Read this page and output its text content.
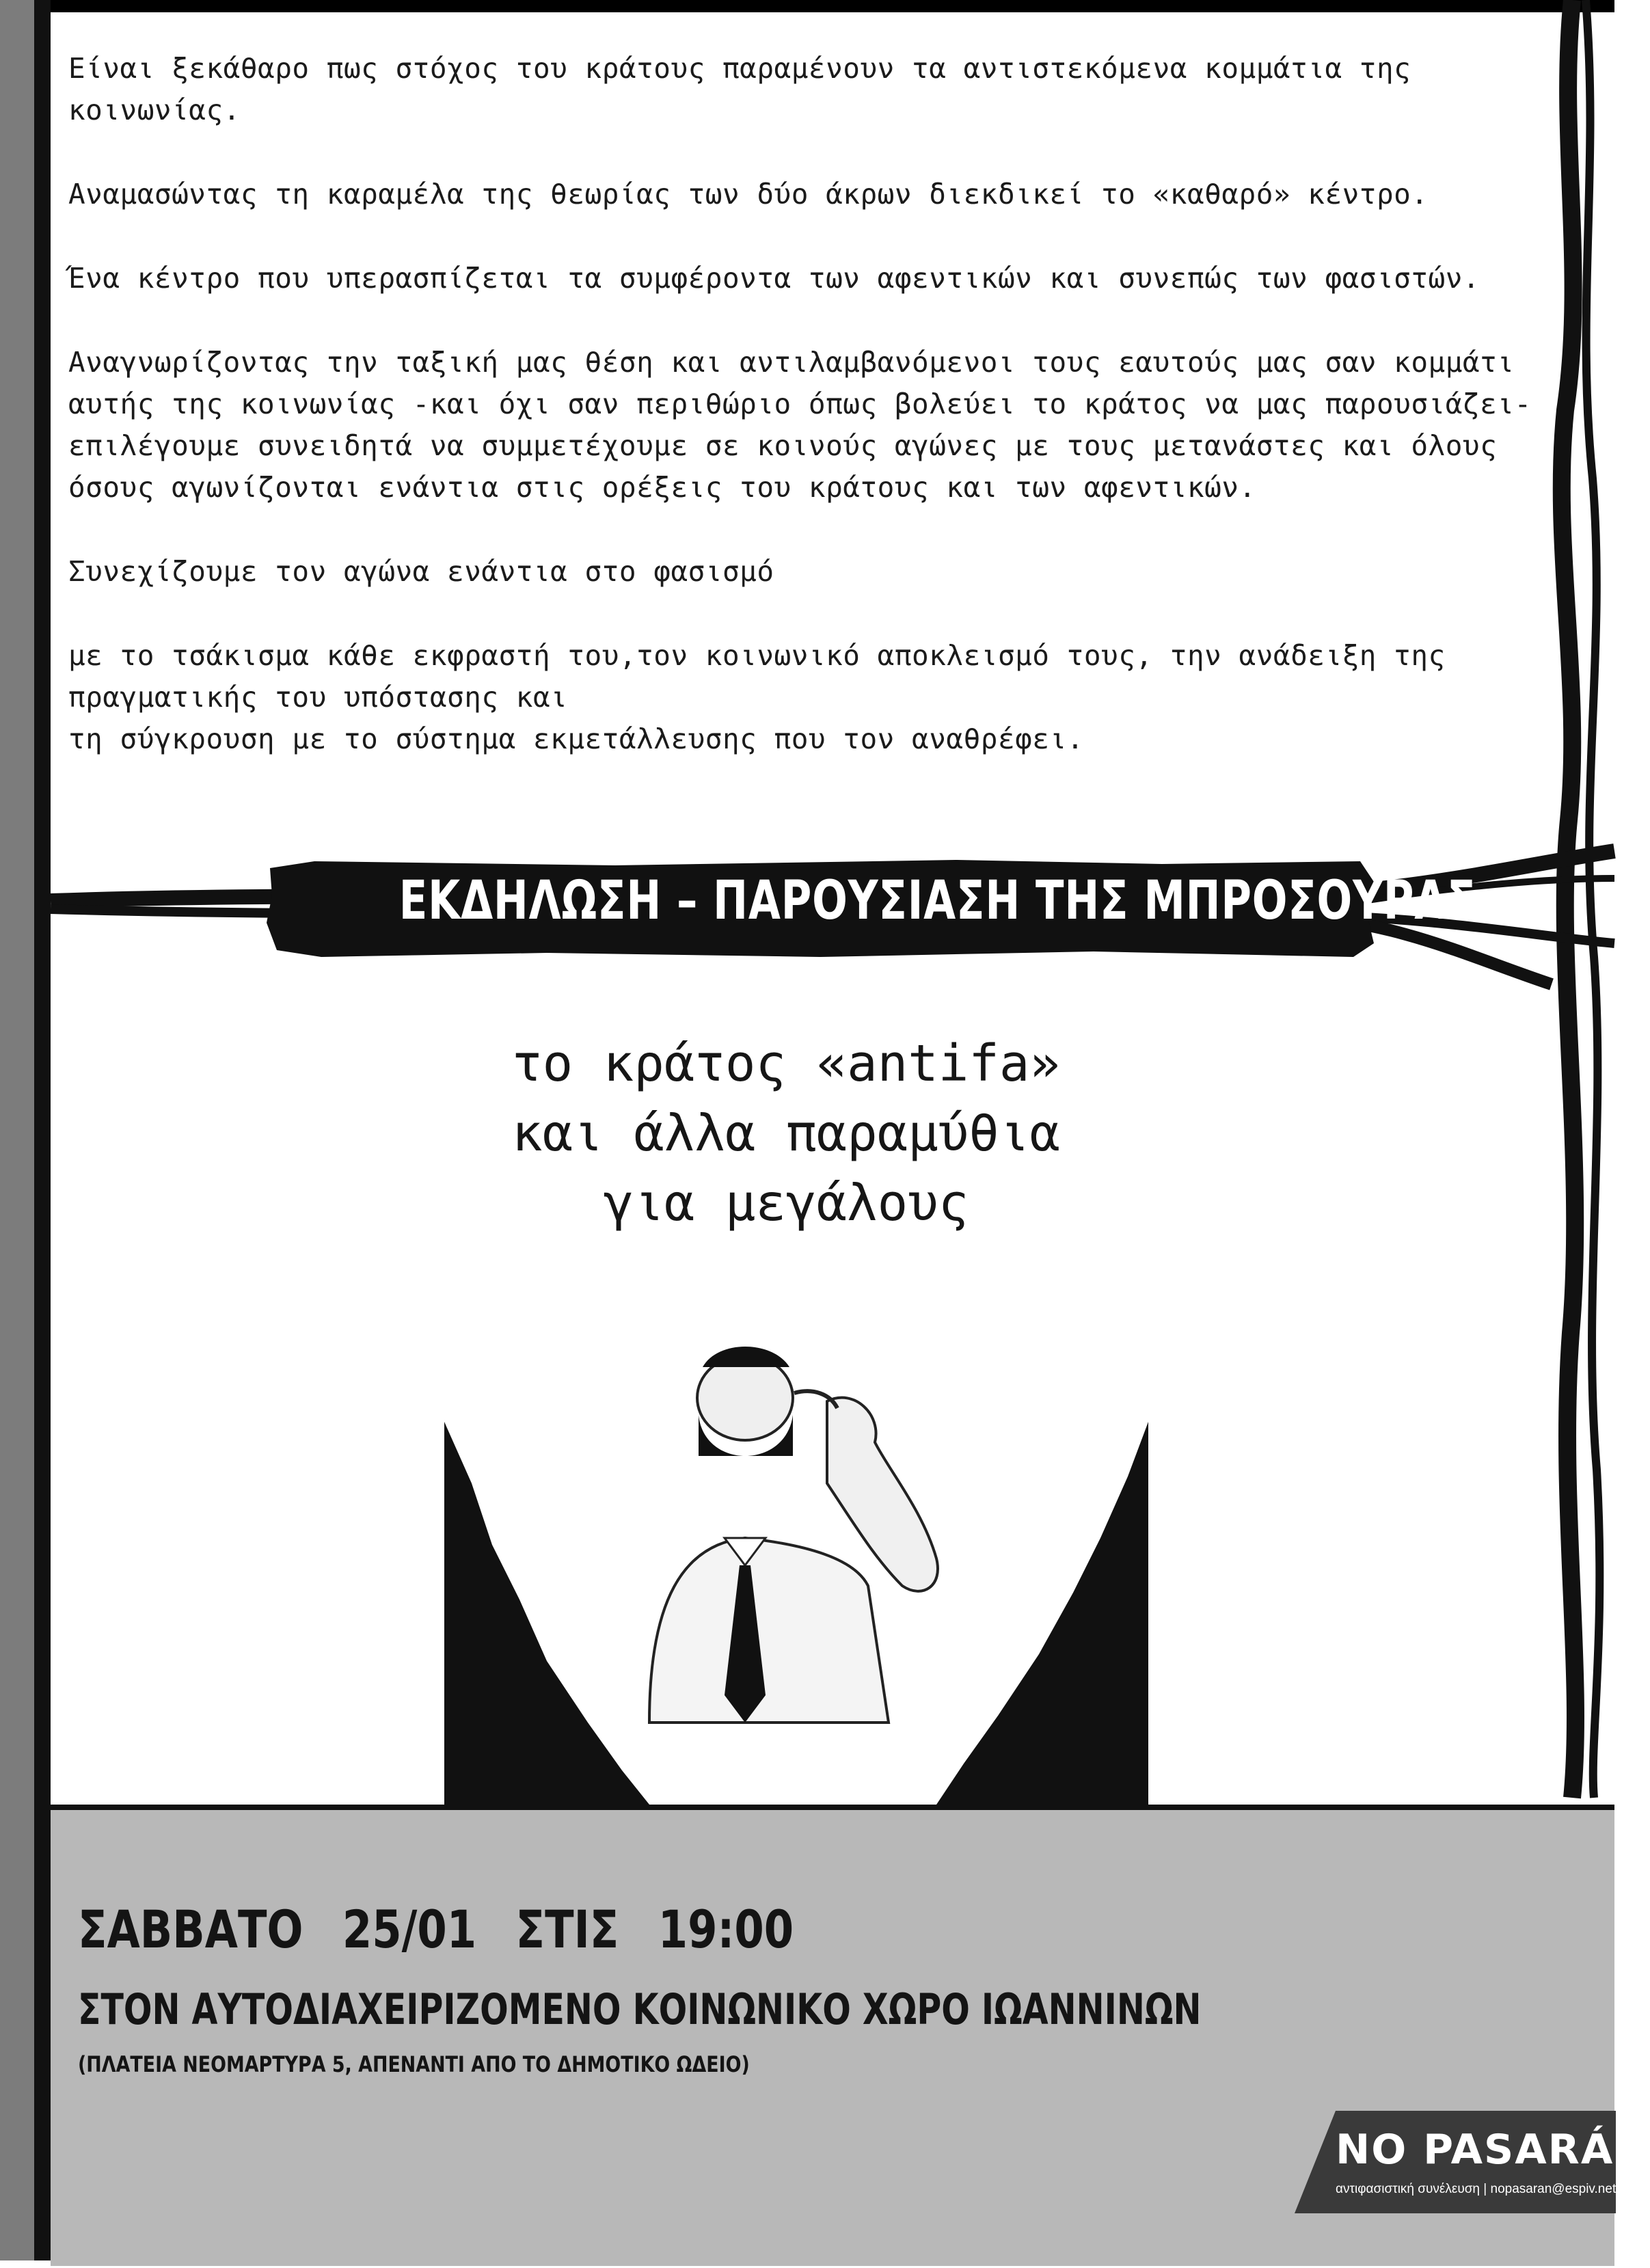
Είναι ξεκάθαρο πως στόχος του κράτους παραμένουν τα αντιστεκόμενα κομμάτια της
κοινωνίας.

Αναμασώντας τη καραμέλα της θεωρίας των δύο άκρων διεκδικεί το «καθαρό» κέντρο.

Ένα κέντρο που υπερασπίζεται τα συμφέροντα των αφεντικών και συνεπώς των φασιστών.

Αναγνωρίζοντας την ταξική μας θέση και αντιλαμβανόμενοι τους εαυτούς μας σαν κομμάτι
αυτής της κοινωνίας -και όχι σαν περιθώριο όπως βολεύει το κράτος να μας παρουσιάζει-
επιλέγουμε συνειδητά να συμμετέχουμε σε κοινούς αγώνες με τους μετανάστες και όλους
όσους αγωνίζονται ενάντια στις ορέξεις του κράτους και των αφεντικών.

Συνεχίζουμε τον αγώνα ενάντια στο φασισμό

με το τσάκισμα κάθε εκφραστή του,τον κοινωνικό αποκλεισμό τους, την ανάδειξη της
πραγματικής του υπόστασης και
τη σύγκρουση με το σύστημα εκμετάλλευσης που τον αναθρέφει.

ΕΚΔΗΛΩΣΗ – ΠΑΡΟΥΣΙΑΣΗ ΤΗΣ ΜΠΡΟΣΟΥΡΑΣ :
το κράτος «antifa»
και άλλα παραμύθια
για μεγάλους
ΣΑΒΒΑΤΟ 25/01 ΣΤΙΣ 19:00
ΣΤΟΝ ΑΥΤΟΔΙΑΧΕΙΡΙΖΟΜΕΝΟ ΚΟΙΝΩΝΙΚΟ ΧΩΡΟ ΙΩΑΝΝΙΝΩΝ
(ΠΛΑΤΕΙΑ ΝΕΟΜΑΡΤΥΡΑ 5, ΑΠΕΝΑΝΤΙ ΑΠΟ ΤΟ ΔΗΜΟΤΙΚΟ ΩΔΕΙΟ)
NO PASARÁN
αντιφασιστική συνέλευση | nopasaran@espiv.net
